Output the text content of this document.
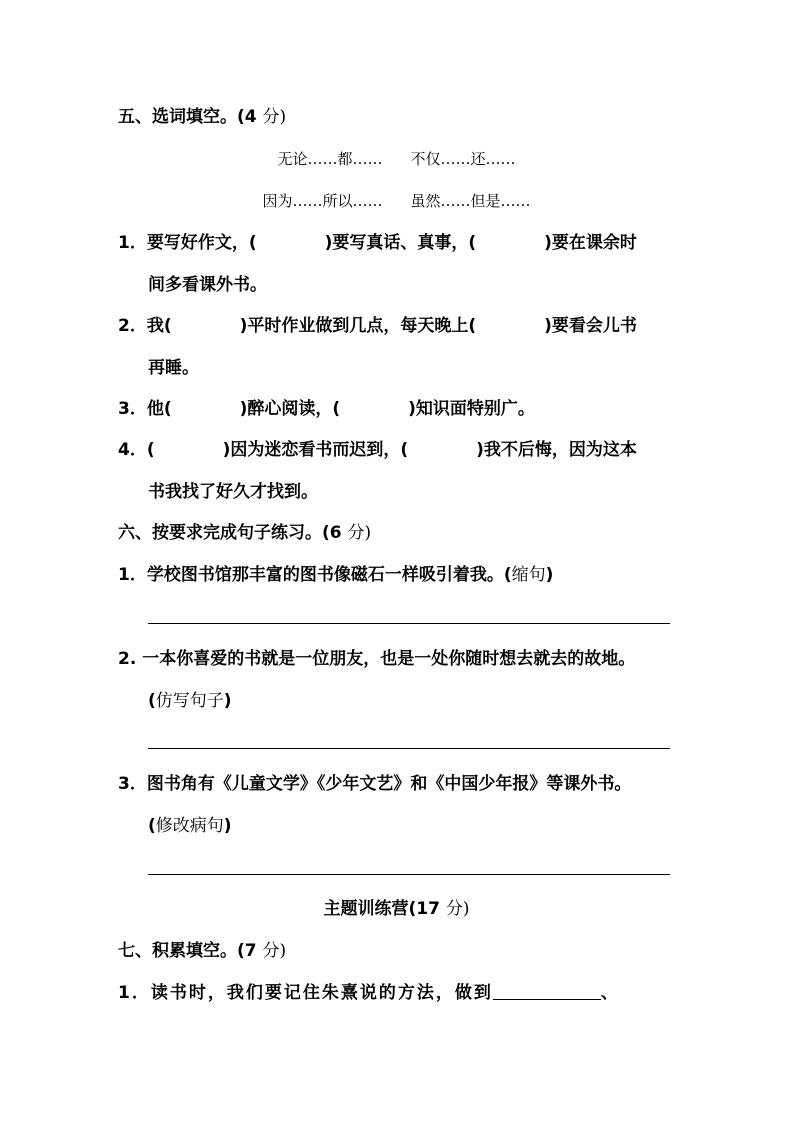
五、选词填空。(4 分)
无论……都…… 不仅……还……
因为……所以…… 虽然……但是……
1．要写好作文，(　　　　)要写真话、真事，(　　　　)要在课余时
间多看课外书。
2．我(　　　　)平时作业做到几点，每天晚上(　　　　)要看会儿书
再睡。
3．他(　　　　)醉心阅读，(　　　　)知识面特别广。
4．(　　　　)因为迷恋看书而迟到，(　　　　)我不后悔，因为这本
书我找了好久才找到。
六、按要求完成句子练习。(6 分)
1．学校图书馆那丰富的图书像磁石一样吸引着我。(缩句)
2. 一本你喜爱的书就是一位朋友，也是一处你随时想去就去的故地。
(仿写句子)
3．图书角有《儿童文学》《少年文艺》和《中国少年报》等课外书。
(修改病句)
主题训练营(17 分)
七、积累填空。(7 分)
1．读书时，我们要记住朱熹说的方法，做到	、
